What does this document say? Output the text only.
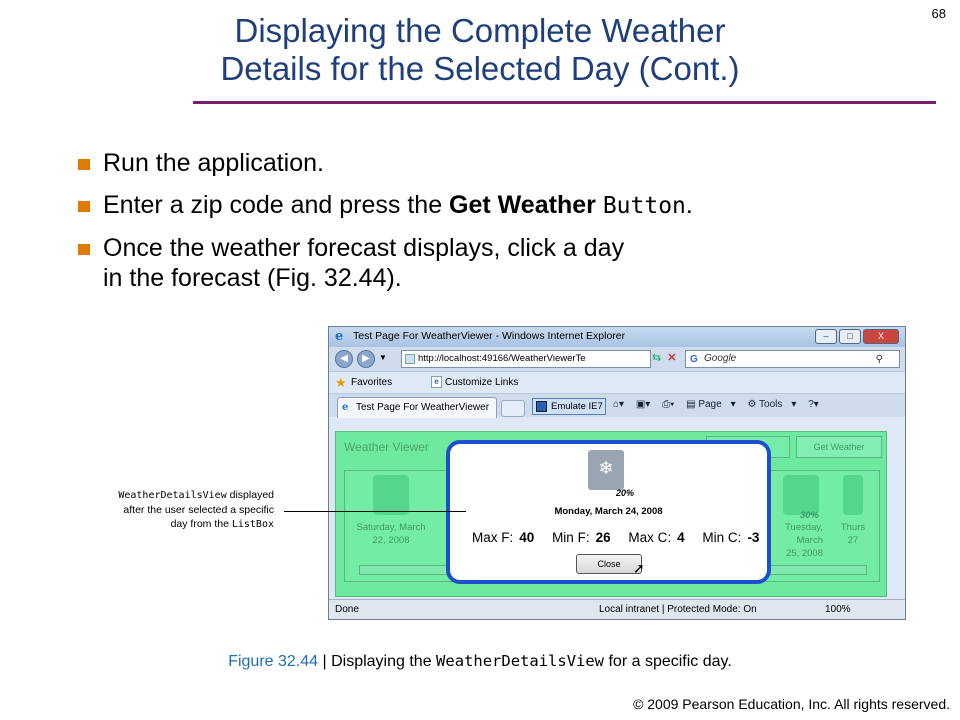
Displaying the Complete Weather
Details for the Selected Day (Cont.)
68
Run the application.
Enter a zip code and press the Get Weather Button.
Once the weather forecast displays, click a day
in the forecast (Fig. 32.44).
e Test Page For WeatherViewer - Windows Internet Explorer	–	□	X
◀	▶	▼	http://localhost:49166/WeatherViewerTe	⇆ ✕ G Google	⚲
★ Favorites	e Customize Links
e Test Page For WeatherViewer	Emulate IE7	⌂▾ ▣▾ ⎙▾ ▤ Page ▾ ⚙ Tools ▾ ?▾
Weather Viewer	Get Weather
Saturday, March
22, 2008
30%
Tuesday, March
25, 2008
Thurs
27
Done	Local intranet | Protected Mode: On	100%
❄
20%
Monday, March 24, 2008
Max F: 40 Min F: 26 Max C: 4 Min C: -3
Close ➚
WeatherDetailsView displayed
after the user selected a specific
day from the ListBox
Figure 32.44 | Displaying the WeatherDetailsView for a specific day.
© 2009 Pearson Education, Inc. All rights reserved.
